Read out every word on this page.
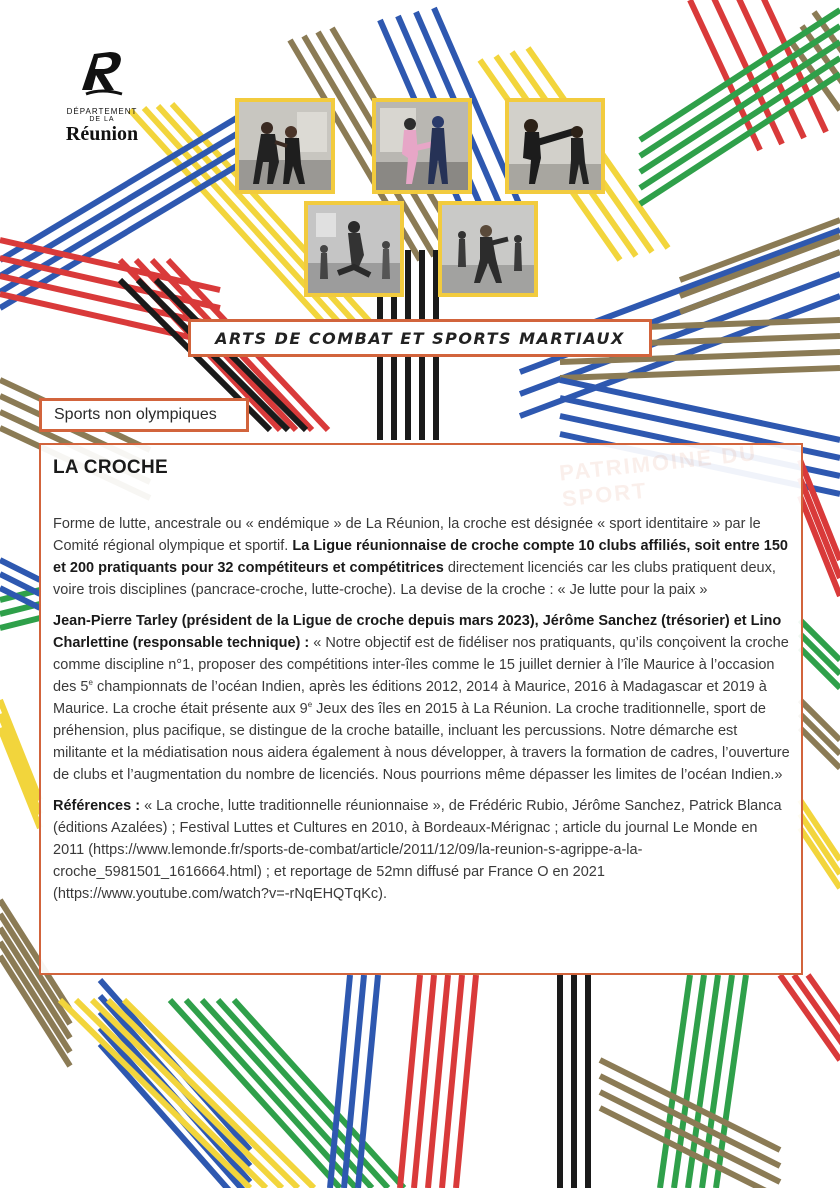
DÉPARTEMENT
DE LA
Réunion
ARTS DE COMBAT ET SPORTS MARTIAUX
Sports non olympiques
LA CROCHE

Forme de lutte, ancestrale ou « endémique » de La Réunion, la croche est désignée « sport identitaire » par le Comité régional olympique et sportif. La Ligue réunionnaise de croche compte 10 clubs affiliés, soit entre 150 et 200 pratiquants pour 32 compétiteurs et compétitrices directement licenciés car les clubs pratiquent deux, voire trois disciplines (pancrace-croche, lutte-croche). La devise de la croche : « Je lutte pour la paix »

Jean-Pierre Tarley (président de la Ligue de croche depuis mars 2023), Jérôme Sanchez (trésorier) et Lino Charlettine (responsable technique) : « Notre objectif est de fidéliser nos pratiquants, qu’ils conçoivent la croche comme discipline n°1, proposer des compétitions inter-îles comme le 15 juillet dernier à l’île Maurice à l’occasion des 5e championnats de l’océan Indien, après les éditions 2012, 2014 à Maurice, 2016 à Madagascar et 2019 à Maurice. La croche était présente aux 9e Jeux des îles en 2015 à La Réunion. La croche traditionnelle, sport de préhension, plus pacifique, se distingue de la croche bataille, incluant les percussions. Notre démarche est militante et la médiatisation nous aidera également à nous développer, à travers la formation de cadres, l’ouverture de clubs et l’augmentation du nombre de licenciés. Nous pourrions même dépasser les limites de l’océan Indien.»

Références : « La croche, lutte traditionnelle réunionnaise », de Frédéric Rubio, Jérôme Sanchez, Patrick Blanca (éditions Azalées) ; Festival Luttes et Cultures en 2010, à Bordeaux-Mérignac ; article du journal Le Monde en 2011 (https://www.lemonde.fr/sports-de-combat/article/2011/12/09/la-reunion-s-agrippe-a-la-croche_5981501_1616664.html) ; et reportage de 52mn diffusé par France O en 2021 (https://www.youtube.com/watch?v=-rNqEHQTqKc).
